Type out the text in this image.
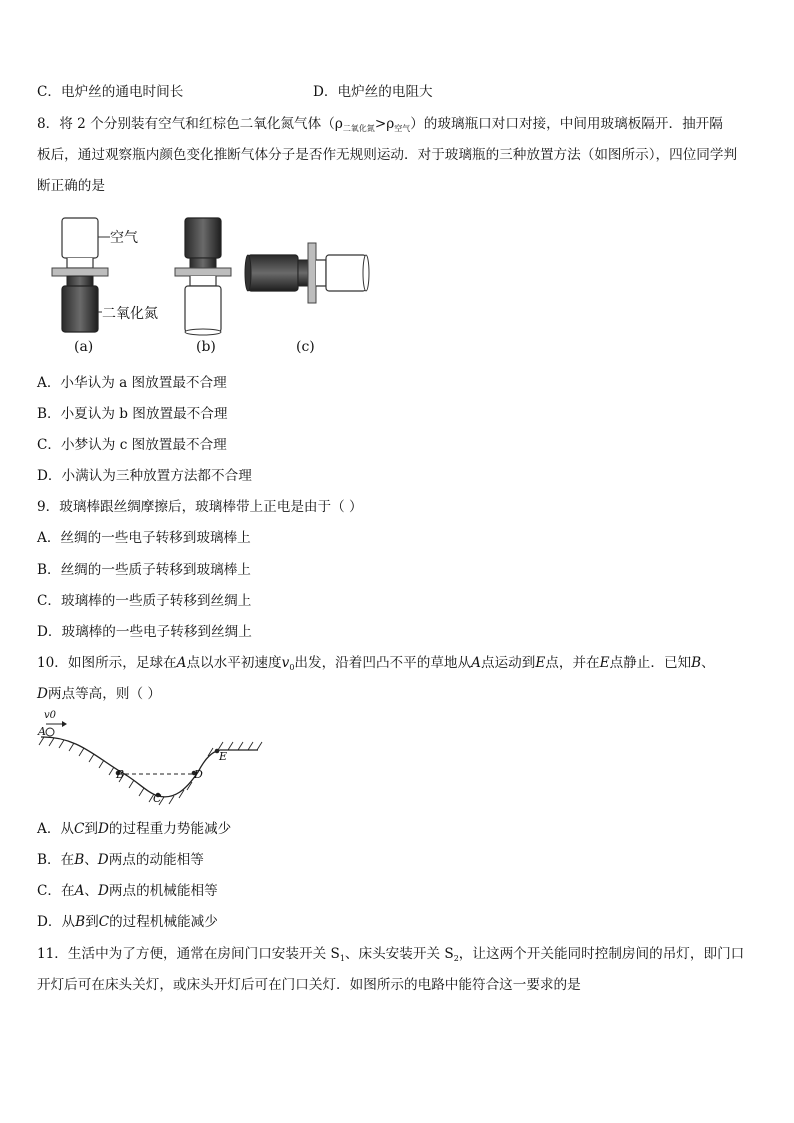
C．电炉丝的通电时间长	D．电炉丝的电阻大
8．将 2 个分别装有空气和红棕色二氧化氮气体$(\rho_{二氧化氮}>\rho_{空气})$的玻璃瓶口对口对接，中间用玻璃板隔开．抽开隔
板后，通过观察瓶内颜色变化推断气体分子是否作无规则运动．对于玻璃瓶的三种放置方法（如图所示），四位同学判
断正确的是
空气
二氧化氮
(a)	(b)	(c)
A．小华认为 a 图放置最不合理
B．小夏认为 b 图放置最不合理
C．小梦认为 c 图放置最不合理
D．小满认为三种放置方法都不合理
9．玻璃棒跟丝绸摩擦后，玻璃棒带上正电是由于（ ）
A．丝绸的一些电子转移到玻璃棒上
B．丝绸的一些质子转移到玻璃棒上
C．玻璃棒的一些质子转移到丝绸上
D．玻璃棒的一些电子转移到丝绸上
10．如图所示，足球在A点以水平初速度$v_0$出发，沿着凹凸不平的草地从A点运动到E点，并在E点静止．已知B、
D两点等高，则（ ）
v0
A
B
C
D
E
A．从C到D的过程重力势能减少
B．在B、D两点的动能相等
C．在A、D两点的机械能相等
D．从B到C的过程机械能减少
11．生活中为了方便，通常在房间门口安装开关 $S_1$、床头安装开关 $S_2$，让这两个开关能同时控制房间的吊灯，即门口
开灯后可在床头关灯，或床头开灯后可在门口关灯．如图所示的电路中能符合这一要求的是
